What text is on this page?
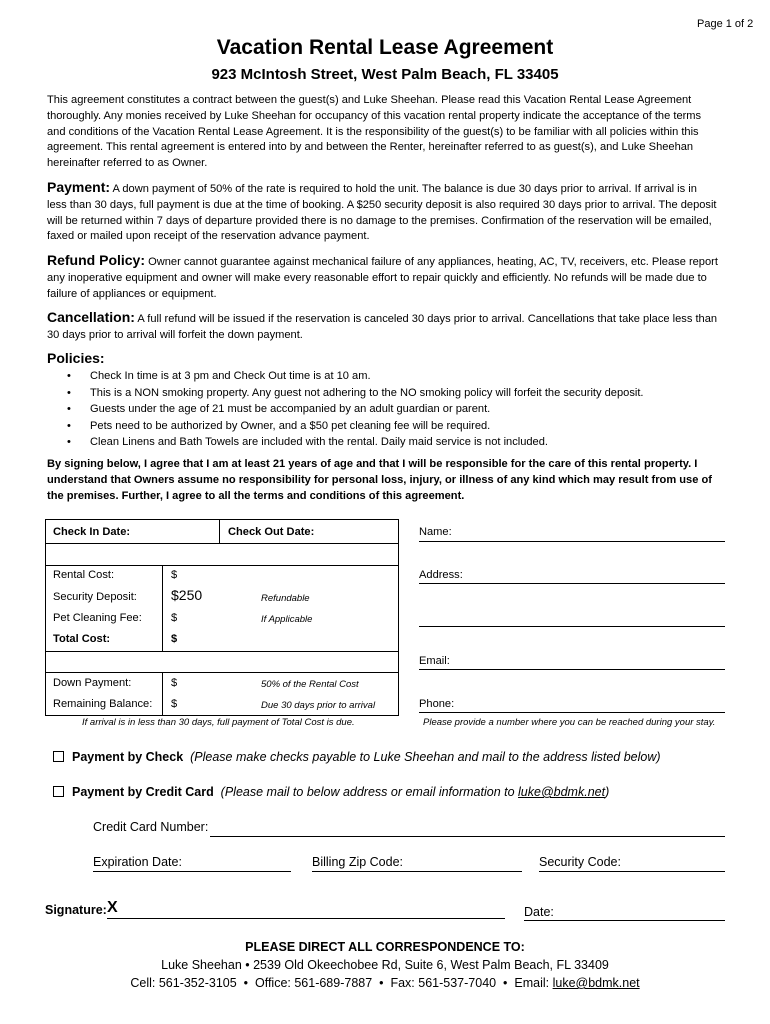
Page 1 of 2
Vacation Rental Lease Agreement
923 McIntosh Street, West Palm Beach, FL 33405
This agreement constitutes a contract between the guest(s) and Luke Sheehan. Please read this Vacation Rental Lease Agreement thoroughly. Any monies received by Luke Sheehan for occupancy of this vacation rental property indicate the acceptance of the terms and conditions of the Vacation Rental Lease Agreement. It is the responsibility of the guest(s) to be familiar with all policies within this agreement. This rental agreement is entered into by and between the Renter, hereinafter referred to as guest(s), and Luke Sheehan hereinafter referred to as Owner.
Payment: A down payment of 50% of the rate is required to hold the unit. The balance is due 30 days prior to arrival. If arrival is in less than 30 days, full payment is due at the time of booking. A $250 security deposit is also required 30 days prior to arrival. The deposit will be returned within 7 days of departure provided there is no damage to the premises. Confirmation of the reservation will be emailed, faxed or mailed upon receipt of the reservation advance payment.
Refund Policy: Owner cannot guarantee against mechanical failure of any appliances, heating, AC, TV, receivers, etc. Please report any inoperative equipment and owner will make every reasonable effort to repair quickly and efficiently. No refunds will be made due to failure of appliances or equipment.
Cancellation: A full refund will be issued if the reservation is canceled 30 days prior to arrival. Cancellations that take place less than 30 days prior to arrival will forfeit the down payment.
Policies:
• Check In time is at 3 pm and Check Out time is at 10 am.
• This is a NON smoking property. Any guest not adhering to the NO smoking policy will forfeit the security deposit.
• Guests under the age of 21 must be accompanied by an adult guardian or parent.
• Pets need to be authorized by Owner, and a $50 pet cleaning fee will be required.
• Clean Linens and Bath Towels are included with the rental. Daily maid service is not included.
By signing below, I agree that I am at least 21 years of age and that I will be responsible for the care of this rental property. I understand that Owners assume no responsibility for personal loss, injury, or illness of any kind which may result from use of the premises. Further, I agree to all the terms and conditions of this agreement.
Check In Date:	Check Out Date:
Rental Cost:	$
Security Deposit: $250	Refundable
Pet Cleaning Fee:	$	If Applicable
Total Cost:	$
Down Payment:	$	50% of the Rental Cost
Remaining Balance: $	Due 30 days prior to arrival
If arrival is in less than 30 days, full payment of Total Cost is due.
Name:
Address:
Email:
Phone:
Please provide a number where you can be reached during your stay.
Payment by Check (Please make checks payable to Luke Sheehan and mail to the address listed below)
Payment by Credit Card (Please mail to below address or email information to luke@bdmk.net)
Credit Card Number:
Expiration Date:	Billing Zip Code:	Security Code:
Signature: X	Date:
PLEASE DIRECT ALL CORRESPONDENCE TO:
Luke Sheehan • 2539 Old Okeechobee Rd, Suite 6, West Palm Beach, FL 33409
Cell: 561-352-3105  •  Office: 561-689-7887  •  Fax: 561-537-7040  •  Email: luke@bdmk.net
